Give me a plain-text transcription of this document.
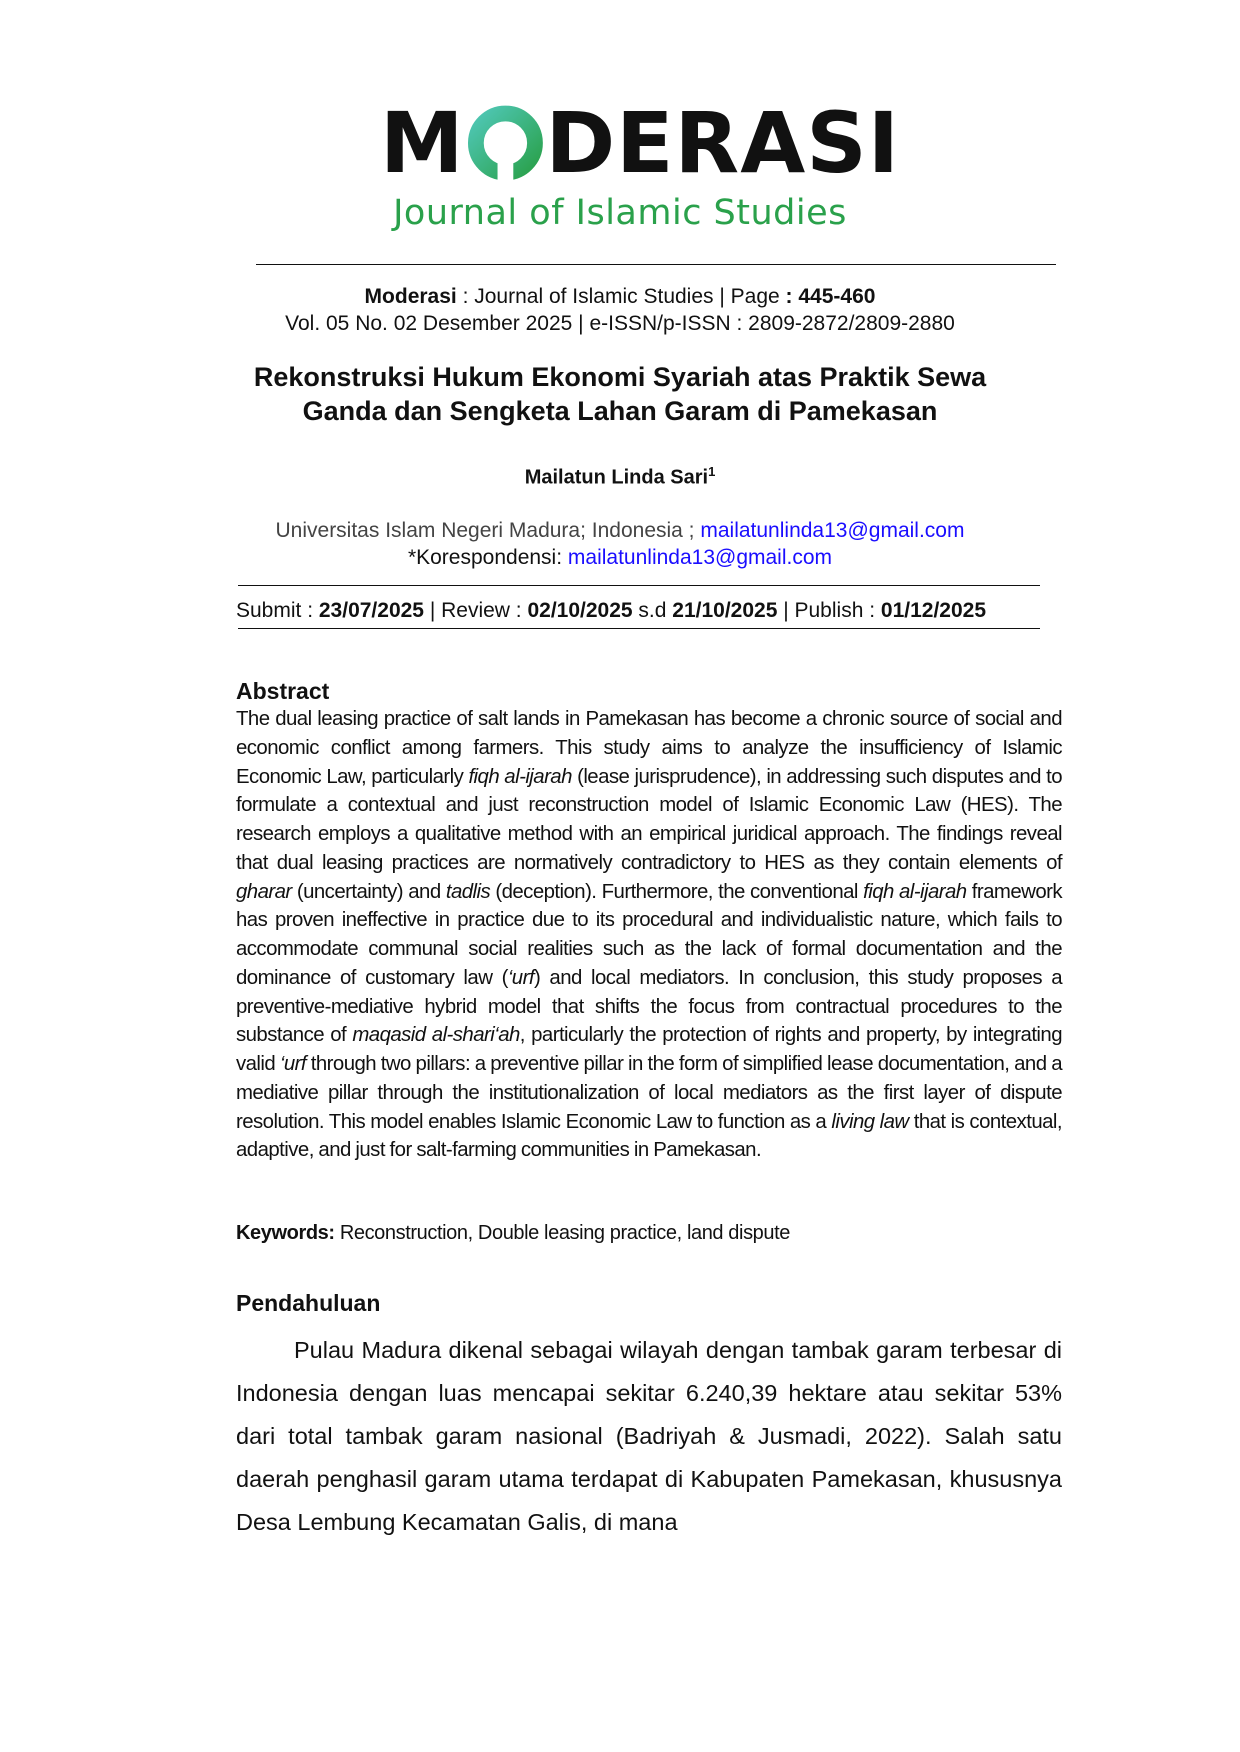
M DERASI
Journal of Islamic Studies
Moderasi : Journal of Islamic Studies | Page : 445-460
Vol. 05 No. 02 Desember 2025 | e-ISSN/p-ISSN : 2809-2872/2809-2880
Rekonstruksi Hukum Ekonomi Syariah atas Praktik Sewa
Ganda dan Sengketa Lahan Garam di Pamekasan
Mailatun Linda Sari$^1$
Universitas Islam Negeri Madura; Indonesia ; mailatunlinda13@gmail.com
*Korespondensi: mailatunlinda13@gmail.com
Submit : 23/07/2025 | Review : 02/10/2025 s.d 21/10/2025 | Publish : 01/12/2025
Abstract
The dual leasing practice of salt lands in Pamekasan has become a chronic source of social and economic conflict among farmers. This study aims to analyze the insufficiency of Islamic Economic Law, particularly fiqh al-ijarah (lease jurisprudence), in addressing such disputes and to formulate a contextual and just reconstruction model of Islamic Economic Law (HES). The research employs a qualitative method with an empirical juridical approach. The findings reveal that dual leasing practices are normatively contradictory to HES as they contain elements of gharar (uncertainty) and tadlis (deception). Furthermore, the conventional fiqh al-ijarah framework has proven ineffective in practice due to its procedural and individualistic nature, which fails to accommodate communal social realities such as the lack of formal documentation and the dominance of customary law (‘urf) and local mediators. In conclusion, this study proposes a preventive-mediative hybrid model that shifts the focus from contractual procedures to the substance of maqasid al-shari‘ah, particularly the protection of rights and property, by integrating valid ‘urf through two pillars: a preventive pillar in the form of simplified lease documentation, and a mediative pillar through the institutionalization of local mediators as the first layer of dispute resolution. This model enables Islamic Economic Law to function as a living law that is contextual, adaptive, and just for salt-farming communities in Pamekasan.
Keywords: Reconstruction, Double leasing practice, land dispute
Pendahuluan
Pulau Madura dikenal sebagai wilayah dengan tambak garam terbesar di Indonesia dengan luas mencapai sekitar 6.240,39 hektare atau sekitar 53% dari total tambak garam nasional (Badriyah & Jusmadi, 2022). Salah satu daerah penghasil garam utama terdapat di Kabupaten Pamekasan, khususnya Desa Lembung Kecamatan Galis, di mana
